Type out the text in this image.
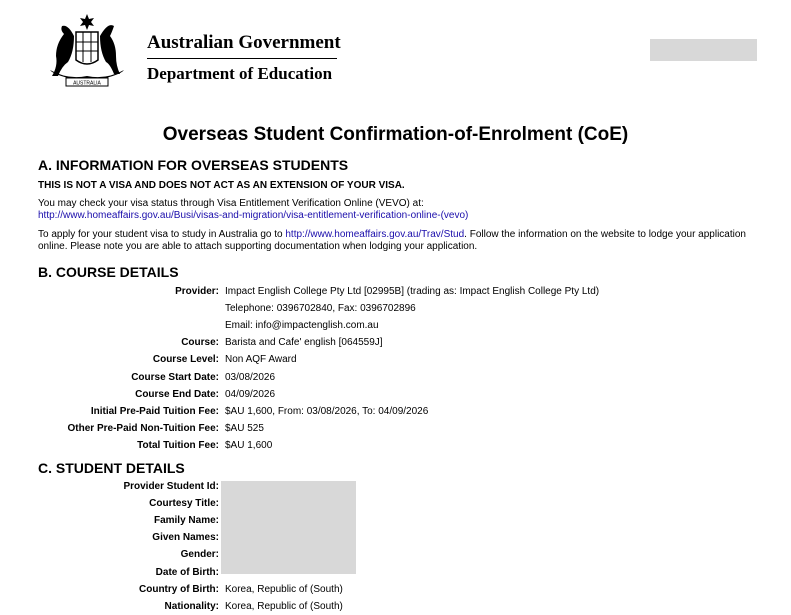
AUSTRALIA
Australian Government
Department of Education
Overseas Student Confirmation-of-Enrolment (CoE)
A. INFORMATION FOR OVERSEAS STUDENTS
THIS IS NOT A VISA AND DOES NOT ACT AS AN EXTENSION OF YOUR VISA.
You may check your visa status through Visa Entitlement Verification Online (VEVO) at:
http://www.homeaffairs.gov.au/Busi/visas-and-migration/visa-entitlement-verification-online-(vevo)
To apply for your student visa to study in Australia go to http://www.homeaffairs.gov.au/Trav/Stud. Follow the information on the website to lodge your application online. Please note you are able to attach supporting documentation when lodging your application.
B. COURSE DETAILS
Provider: Impact English College Pty Ltd [02995B] (trading as: Impact English College Pty Ltd)
Telephone: 0396702840, Fax: 0396702896
Email: info@impactenglish.com.au
Course: Barista and Cafe' english [064559J]
Course Level: Non AQF Award
Course Start Date: 03/08/2026
Course End Date: 04/09/2026
Initial Pre-Paid Tuition Fee: $AU 1,600, From: 03/08/2026, To: 04/09/2026
Other Pre-Paid Non-Tuition Fee: $AU 525
Total Tuition Fee: $AU 1,600
C. STUDENT DETAILS
Provider Student Id:
Courtesy Title:
Family Name:
Given Names:
Gender:
Date of Birth:
Country of Birth: Korea, Republic of (South)
Nationality: Korea, Republic of (South)
